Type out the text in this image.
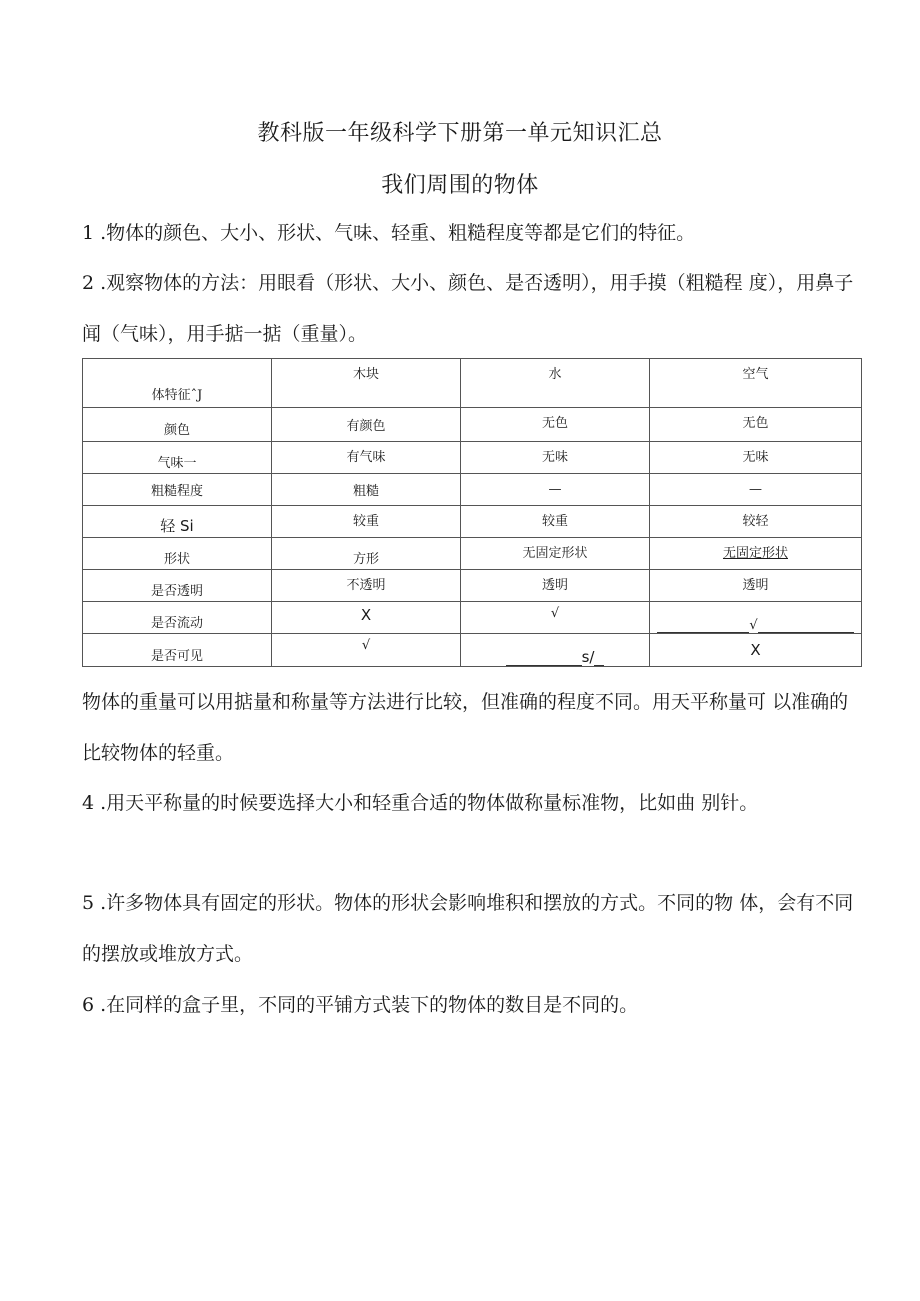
教科版一年级科学下册第一单元知识汇总
我们周围的物体

1 .物体的颜色、大小、形状、气味、轻重、粗糙程度等都是它们的特征。

2 .观察物体的方法：用眼看（形状、大小、颜色、是否透明），用手摸（粗糙程 度），用鼻子闻（气味），用手掂一掂（重量）。

体特征ˆJ	木块	水	空气
颜色	有颜色	无色	无色
气味一	有气味	无味	无味
粗糙程度	粗糙	—	—
轻 Si	较重	较重	较轻
形状	方形	无固定形状	无固定形状
是否透明	不透明	透明	透明
是否流动	X	√	√
是否可见	√	s/	X

物体的重量可以用掂量和称量等方法进行比较，但准确的程度不同。用天平称量可 以准确的比较物体的轻重。

4 .用天平称量的时候要选择大小和轻重合适的物体做称量标准物，比如曲 别针。

5 .许多物体具有固定的形状。物体的形状会影响堆积和摆放的方式。不同的物 体，会有不同的摆放或堆放方式。

6 .在同样的盒子里，不同的平铺方式装下的物体的数目是不同的。
